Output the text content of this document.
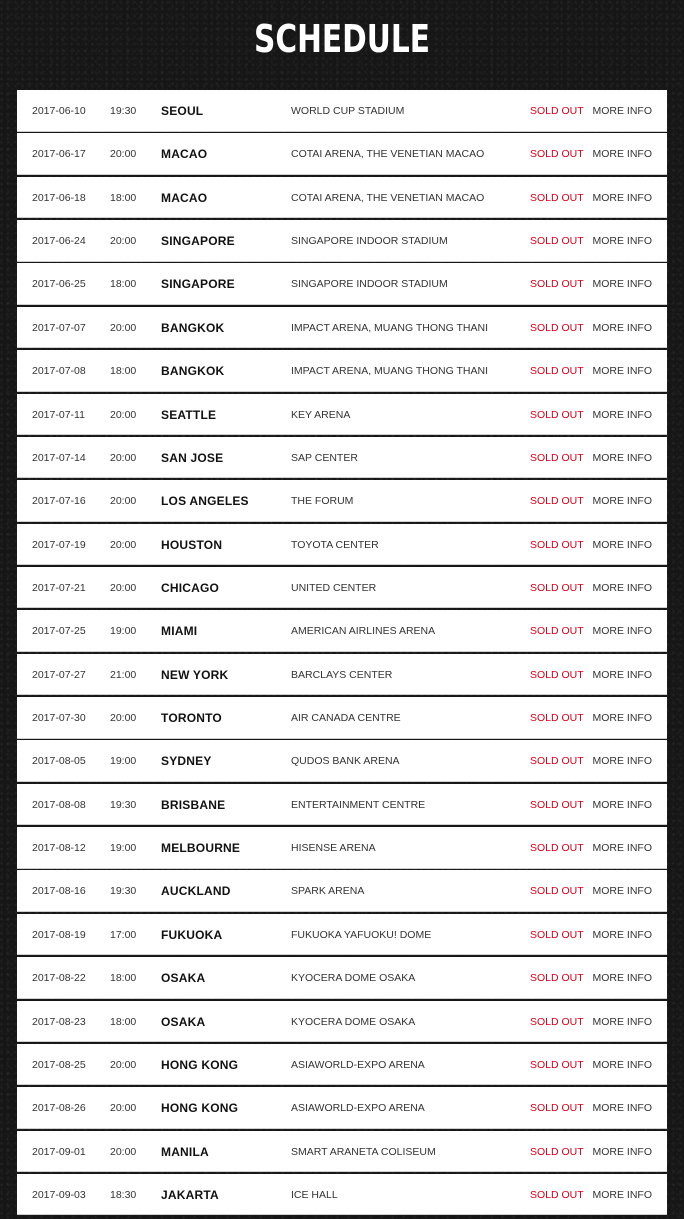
SCHEDULE
2017-06-10 19:30 SEOUL	WORLD CUP STADIUM	SOLD OUT MORE INFO
2017-06-17 20:00 MACAO	COTAI ARENA, THE VENETIAN MACAO	SOLD OUT MORE INFO
2017-06-18 18:00 MACAO	COTAI ARENA, THE VENETIAN MACAO	SOLD OUT MORE INFO
2017-06-24 20:00 SINGAPORE	SINGAPORE INDOOR STADIUM	SOLD OUT MORE INFO
2017-06-25 18:00 SINGAPORE	SINGAPORE INDOOR STADIUM	SOLD OUT MORE INFO
2017-07-07 20:00 BANGKOK	IMPACT ARENA, MUANG THONG THANI	SOLD OUT MORE INFO
2017-07-08 18:00 BANGKOK	IMPACT ARENA, MUANG THONG THANI	SOLD OUT MORE INFO
2017-07-11 20:00 SEATTLE	KEY ARENA	SOLD OUT MORE INFO
2017-07-14 20:00 SAN JOSE	SAP CENTER	SOLD OUT MORE INFO
2017-07-16 20:00 LOS ANGELES	THE FORUM	SOLD OUT MORE INFO
2017-07-19 20:00 HOUSTON	TOYOTA CENTER	SOLD OUT MORE INFO
2017-07-21 20:00 CHICAGO	UNITED CENTER	SOLD OUT MORE INFO
2017-07-25 19:00 MIAMI	AMERICAN AIRLINES ARENA	SOLD OUT MORE INFO
2017-07-27 21:00 NEW YORK	BARCLAYS CENTER	SOLD OUT MORE INFO
2017-07-30 20:00 TORONTO	AIR CANADA CENTRE	SOLD OUT MORE INFO
2017-08-05 19:00 SYDNEY	QUDOS BANK ARENA	SOLD OUT MORE INFO
2017-08-08 19:30 BRISBANE	ENTERTAINMENT CENTRE	SOLD OUT MORE INFO
2017-08-12 19:00 MELBOURNE	HISENSE ARENA	SOLD OUT MORE INFO
2017-08-16 19:30 AUCKLAND	SPARK ARENA	SOLD OUT MORE INFO
2017-08-19 17:00 FUKUOKA	FUKUOKA YAFUOKU! DOME	SOLD OUT MORE INFO
2017-08-22 18:00 OSAKA	KYOCERA DOME OSAKA	SOLD OUT MORE INFO
2017-08-23 18:00 OSAKA	KYOCERA DOME OSAKA	SOLD OUT MORE INFO
2017-08-25 20:00 HONG KONG	ASIAWORLD-EXPO ARENA	SOLD OUT MORE INFO
2017-08-26 20:00 HONG KONG	ASIAWORLD-EXPO ARENA	SOLD OUT MORE INFO
2017-09-01 20:00 MANILA	SMART ARANETA COLISEUM	SOLD OUT MORE INFO
2017-09-03 18:30 JAKARTA	ICE HALL	SOLD OUT MORE INFO
